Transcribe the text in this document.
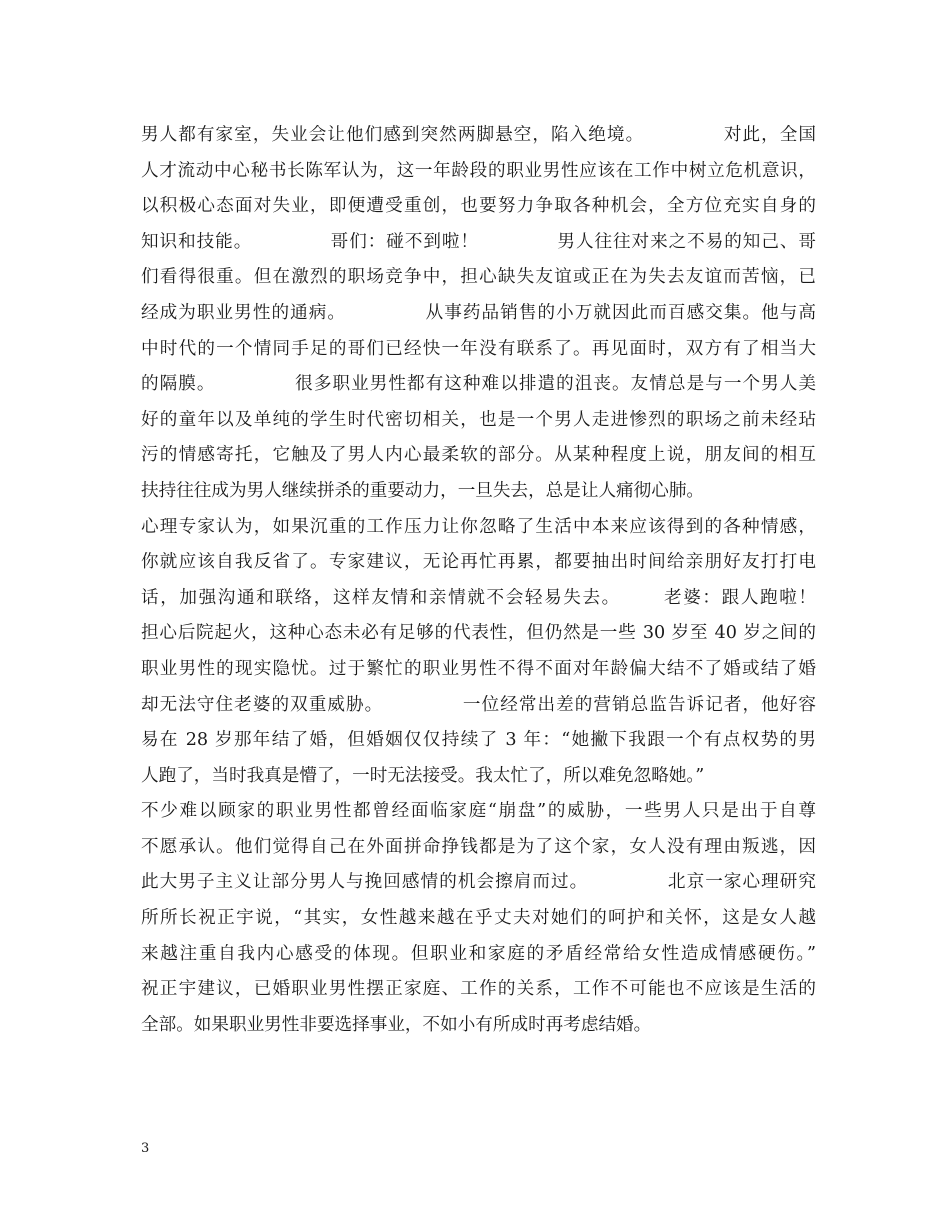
男人都有家室，失业会让他们感到突然两脚悬空，陷入绝境。            对此，全国
人才流动中心秘书长陈军认为，这一年龄段的职业男性应该在工作中树立危机意识，
以积极心态面对失业，即便遭受重创，也要努力争取各种机会，全方位充实自身的
知识和技能。            哥们：碰不到啦！            男人往往对来之不易的知己、哥
们看得很重。但在激烈的职场竞争中，担心缺失友谊或正在为失去友谊而苦恼，已
经成为职业男性的通病。            从事药品销售的小万就因此而百感交集。他与高
中时代的一个情同手足的哥们已经快一年没有联系了。再见面时，双方有了相当大
的隔膜。            很多职业男性都有这种难以排遣的沮丧。友情总是与一个男人美
好的童年以及单纯的学生时代密切相关，也是一个男人走进惨烈的职场之前未经玷
污的情感寄托，它触及了男人内心最柔软的部分。从某种程度上说，朋友间的相互
扶持往往成为男人继续拼杀的重要动力，一旦失去，总是让人痛彻心肺。
心理专家认为，如果沉重的工作压力让你忽略了生活中本来应该得到的各种情感，
你就应该自我反省了。专家建议，无论再忙再累，都要抽出时间给亲朋好友打打电
话，加强沟通和联络，这样友情和亲情就不会轻易失去。      老婆：跟人跑啦！
担心后院起火，这种心态未必有足够的代表性，但仍然是一些 30 岁至 40 岁之间的
职业男性的现实隐忧。过于繁忙的职业男性不得不面对年龄偏大结不了婚或结了婚
却无法守住老婆的双重威胁。            一位经常出差的营销总监告诉记者，他好容
易在 28 岁那年结了婚，但婚姻仅仅持续了 3 年：“她撇下我跟一个有点权势的男
人跑了，当时我真是懵了，一时无法接受。我太忙了，所以难免忽略她。”
不少难以顾家的职业男性都曾经面临家庭“崩盘”的威胁，一些男人只是出于自尊
不愿承认。他们觉得自己在外面拼命挣钱都是为了这个家，女人没有理由叛逃，因
此大男子主义让部分男人与挽回感情的机会擦肩而过。            北京一家心理研究
所所长祝正宇说，“其实，女性越来越在乎丈夫对她们的呵护和关怀，这是女人越
来越注重自我内心感受的体现。但职业和家庭的矛盾经常给女性造成情感硬伤。”
祝正宇建议，已婚职业男性摆正家庭、工作的关系，工作不可能也不应该是生活的
全部。如果职业男性非要选择事业，不如小有所成时再考虑结婚。
3
